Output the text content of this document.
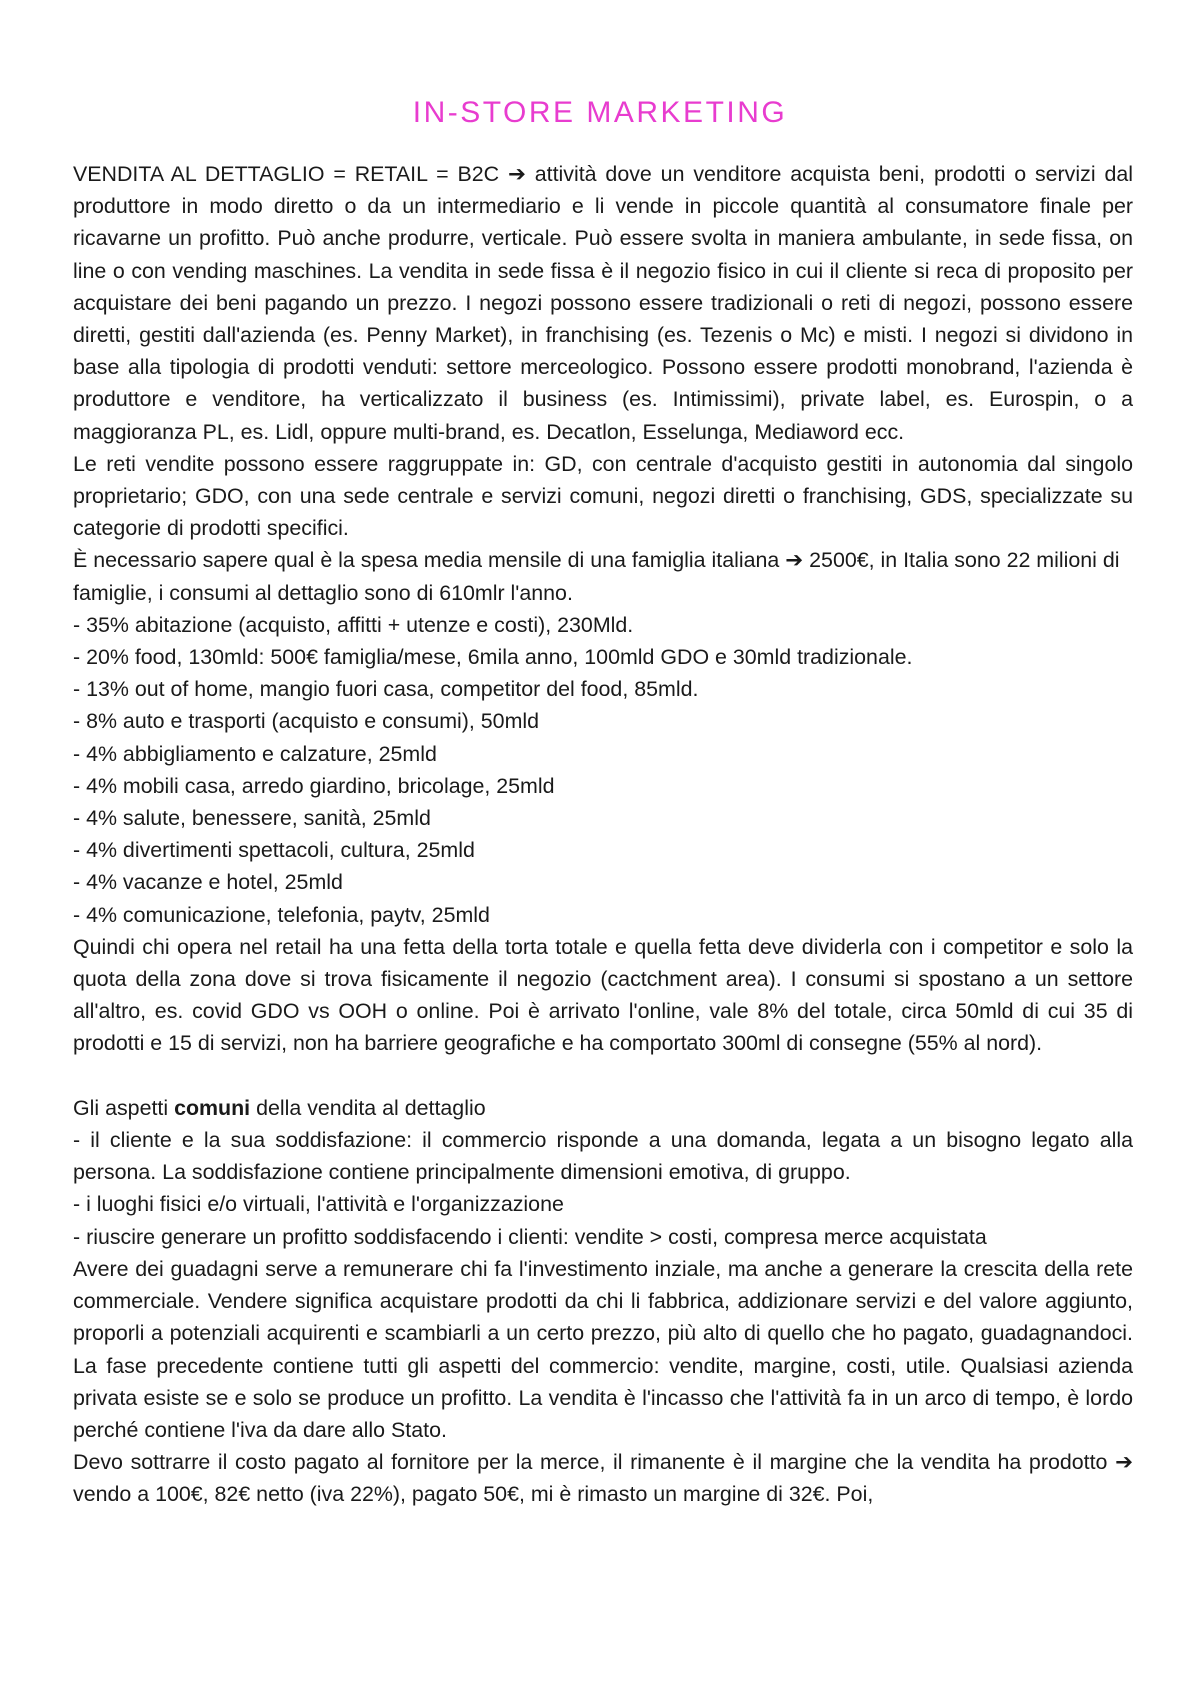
IN-STORE MARKETING

VENDITA AL DETTAGLIO = RETAIL = B2C ➔ attività dove un venditore acquista beni, prodotti o servizi dal produttore in modo diretto o da un intermediario e li vende in piccole quantità al consumatore finale per ricavarne un profitto. Può anche produrre, verticale. Può essere svolta in maniera ambulante, in sede fissa, on line o con vending maschines. La vendita in sede fissa è il negozio fisico in cui il cliente si reca di proposito per acquistare dei beni pagando un prezzo. I negozi possono essere tradizionali o reti di negozi, possono essere diretti, gestiti dall'azienda (es. Penny Market), in franchising (es. Tezenis o Mc) e misti. I negozi si dividono in base alla tipologia di prodotti venduti: settore merceologico. Possono essere prodotti monobrand, l'azienda è produttore e venditore, ha verticalizzato il business (es. Intimissimi), private label, es. Eurospin, o a maggioranza PL, es. Lidl, oppure multi-brand, es. Decatlon, Esselunga, Mediaword ecc.

Le reti vendite possono essere raggruppate in: GD, con centrale d'acquisto gestiti in autonomia dal singolo proprietario; GDO, con una sede centrale e servizi comuni, negozi diretti o franchising, GDS, specializzate su categorie di prodotti specifici.

È necessario sapere qual è la spesa media mensile di una famiglia italiana ➔ 2500€, in Italia sono 22 milioni di famiglie, i consumi al dettaglio sono di 610mlr l'anno.

- 35% abitazione (acquisto, affitti + utenze e costi), 230Mld.

- 20% food, 130mld: 500€ famiglia/mese, 6mila anno, 100mld GDO e 30mld tradizionale.

- 13% out of home, mangio fuori casa, competitor del food, 85mld.

- 8% auto e trasporti (acquisto e consumi), 50mld

- 4% abbigliamento e calzature, 25mld

- 4% mobili casa, arredo giardino, bricolage, 25mld

- 4% salute, benessere, sanità, 25mld

- 4% divertimenti spettacoli, cultura, 25mld

- 4% vacanze e hotel, 25mld

- 4% comunicazione, telefonia, paytv, 25mld

Quindi chi opera nel retail ha una fetta della torta totale e quella fetta deve dividerla con i competitor e solo la quota della zona dove si trova fisicamente il negozio (cactchment area). I consumi si spostano a un settore all'altro, es. covid GDO vs OOH o online. Poi è arrivato l'online, vale 8% del totale, circa 50mld di cui 35 di prodotti e 15 di servizi, non ha barriere geografiche e ha comportato 300ml di consegne (55% al nord).

Gli aspetti comuni della vendita al dettaglio

- il cliente e la sua soddisfazione: il commercio risponde a una domanda, legata a un bisogno legato alla persona. La soddisfazione contiene principalmente dimensioni emotiva, di gruppo.

- i luoghi fisici e/o virtuali, l'attività e l'organizzazione

- riuscire generare un profitto soddisfacendo i clienti: vendite > costi, compresa merce acquistata

Avere dei guadagni serve a remunerare chi fa l'investimento inziale, ma anche a generare la crescita della rete commerciale. Vendere significa acquistare prodotti da chi li fabbrica, addizionare servizi e del valore aggiunto, proporli a potenziali acquirenti e scambiarli a un certo prezzo, più alto di quello che ho pagato, guadagnandoci. La fase precedente contiene tutti gli aspetti del commercio: vendite, margine, costi, utile. Qualsiasi azienda privata esiste se e solo se produce un profitto. La vendita è l'incasso che l'attività fa in un arco di tempo, è lordo perché contiene l'iva da dare allo Stato.

Devo sottrarre il costo pagato al fornitore per la merce, il rimanente è il margine che la vendita ha prodotto ➔ vendo a 100€, 82€ netto (iva 22%), pagato 50€, mi è rimasto un margine di 32€. Poi,
